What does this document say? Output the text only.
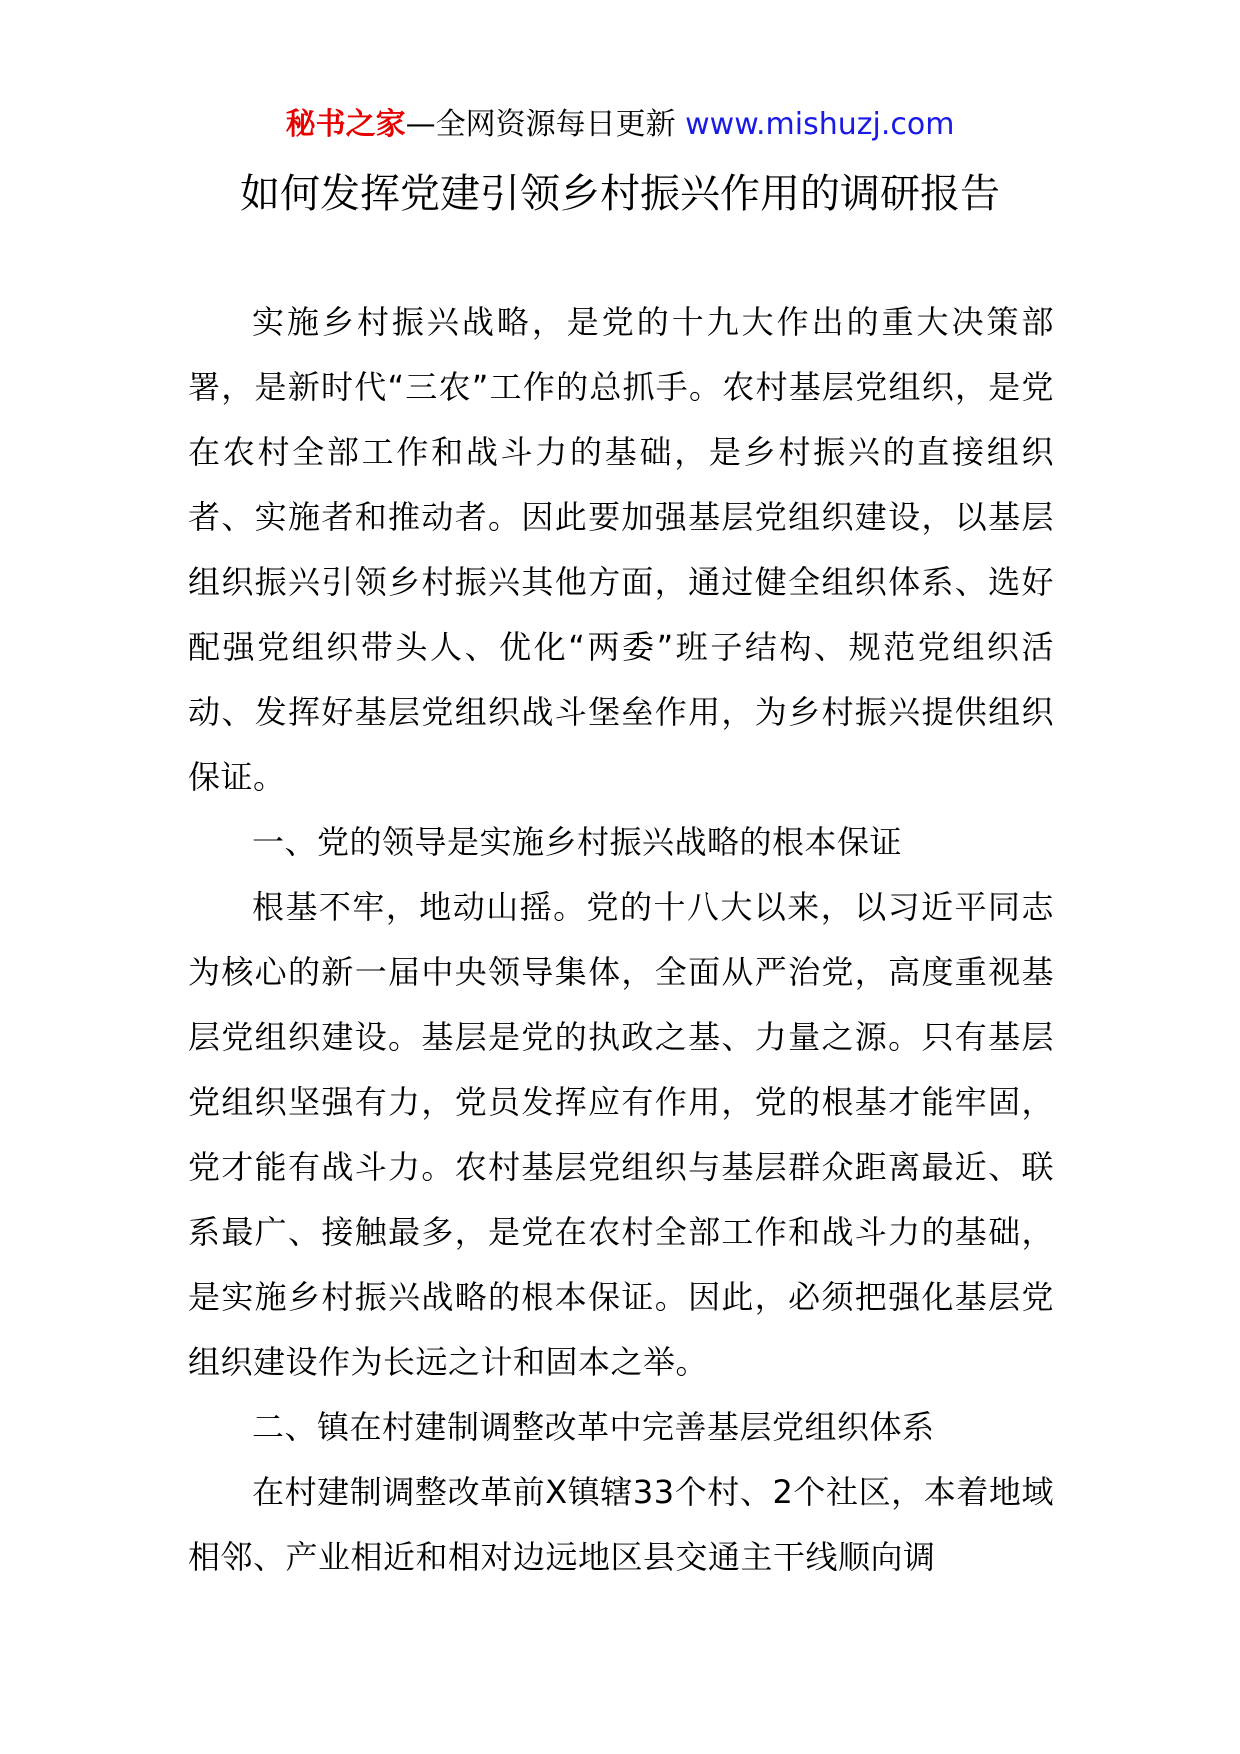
秘书之家—全网资源每日更新 www.mishuzj.com
如何发挥党建引领乡村振兴作用的调研报告

实施乡村振兴战略，是党的十九大作出的重大决策部署，是新时代“三农”工作的总抓手。农村基层党组织，是党在农村全部工作和战斗力的基础，是乡村振兴的直接组织者、实施者和推动者。因此要加强基层党组织建设，以基层组织振兴引领乡村振兴其他方面，通过健全组织体系、选好配强党组织带头人、优化“两委”班子结构、规范党组织活动、发挥好基层党组织战斗堡垒作用，为乡村振兴提供组织保证。

一、党的领导是实施乡村振兴战略的根本保证

根基不牢，地动山摇。党的十八大以来，以习近平同志为核心的新一届中央领导集体，全面从严治党，高度重视基层党组织建设。基层是党的执政之基、力量之源。只有基层党组织坚强有力，党员发挥应有作用，党的根基才能牢固，党才能有战斗力。农村基层党组织与基层群众距离最近、联系最广、接触最多，是党在农村全部工作和战斗力的基础，是实施乡村振兴战略的根本保证。因此，必须把强化基层党组织建设作为长远之计和固本之举。

二、镇在村建制调整改革中完善基层党组织体系

在村建制调整改革前X镇辖33个村、2个社区，本着地域相邻、产业相近和相对边远地区县交通主干线顺向调
